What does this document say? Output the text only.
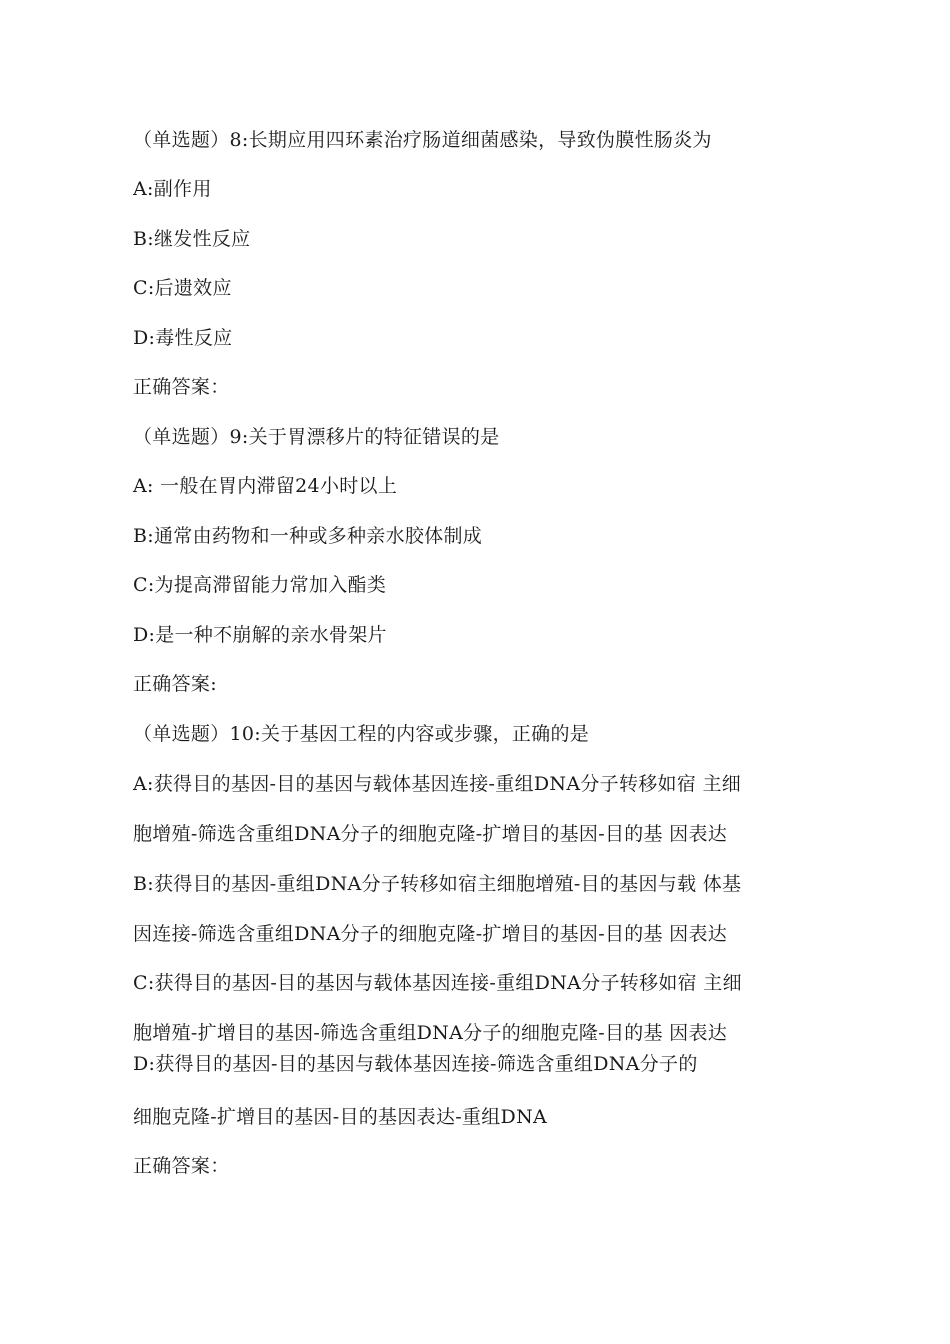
（单选题）8:长期应用四环素治疗肠道细菌感染，导致伪膜性肠炎为
A:副作用
B:继发性反应
C:后遗效应
D:毒性反应
正确答案：
（单选题）9:关于胃漂移片的特征错误的是
A: 一般在胃内滞留24小时以上
B:通常由药物和一种或多种亲水胶体制成
C:为提高滞留能力常加入酯类
D:是一种不崩解的亲水骨架片
正确答案:
（单选题）10:关于基因工程的内容或步骤，正确的是
A:获得目的基因-目的基因与载体基因连接-重组DNA分子转移如宿 主细
胞增殖-筛选含重组DNA分子的细胞克隆-扩增目的基因-目的基 因表达
B:获得目的基因-重组DNA分子转移如宿主细胞增殖-目的基因与载 体基
因连接-筛选含重组DNA分子的细胞克隆-扩增目的基因-目的基 因表达
C:获得目的基因-目的基因与载体基因连接-重组DNA分子转移如宿 主细
胞增殖-扩增目的基因-筛选含重组DNA分子的细胞克隆-目的基 因表达
D:获得目的基因-目的基因与载体基因连接-筛选含重组DNA分子的
细胞克隆-扩增目的基因-目的基因表达-重组DNA
正确答案：
